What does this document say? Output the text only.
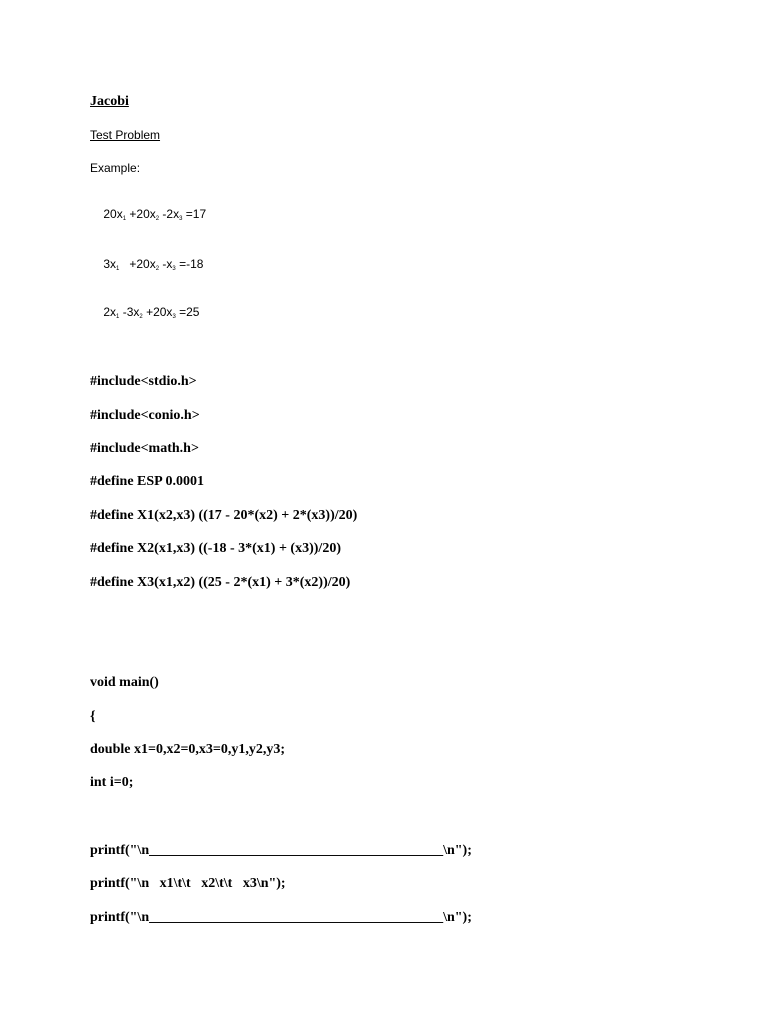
Jacobi
Test Problem
Example:

$20x_1 +20x_2$ $-2x_3 =17$

$3x_1 +20x_2$ $-x_3 =-18$

$2x_1$ $-3x_2 +20x_3 =25$

#include<stdio.h>
#include<conio.h>
#include<math.h>
#define ESP 0.0001
#define X1(x2,x3) ((17 - 20*(x2) + 2*(x3))/20)
#define X2(x1,x3) ((-18 - 3*(x1) + (x3))/20)
#define X3(x1,x2) ((25 - 2*(x1) + 3*(x2))/20)
void main()
{
double x1=0,x2=0,x3=0,y1,y2,y3;
int i=0;
printf("\n__________________________________________\n");
printf("\n   x1\t\t   x2\t\t   x3\n");
printf("\n__________________________________________\n");
